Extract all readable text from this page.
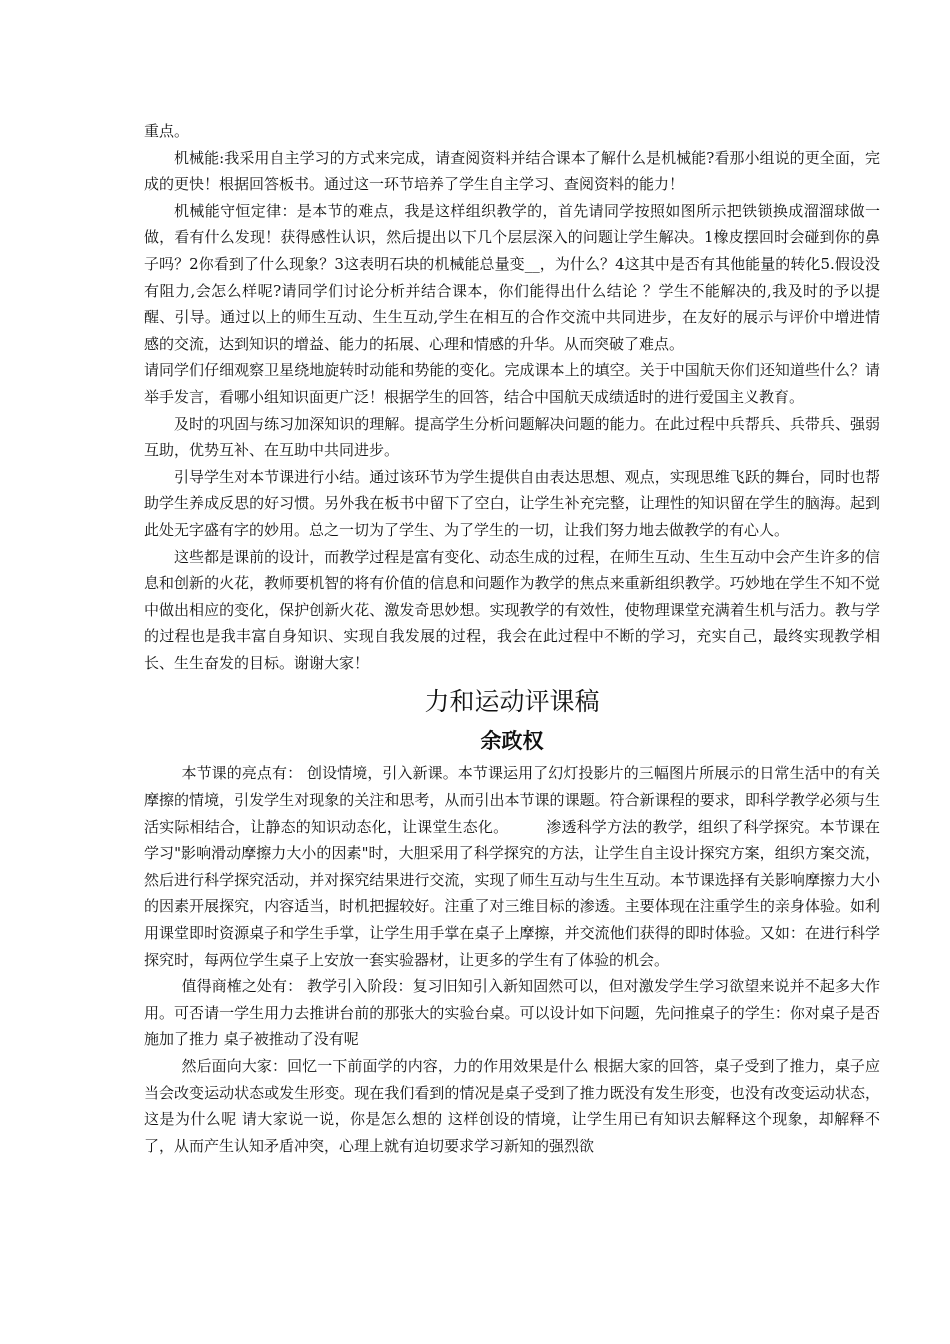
重点。

机械能:我采用自主学习的方式来完成，请查阅资料并结合课本了解什么是机械能?看那小组说的更全面，完成的更快！根据回答板书。通过这一环节培养了学生自主学习、查阅资料的能力！

机械能守恒定律：是本节的难点，我是这样组织教学的，首先请同学按照如图所示把铁锁换成溜溜球做一做，看有什么发现！获得感性认识，然后提出以下几个层层深入的问题让学生解决。1橡皮摆回时会碰到你的鼻子吗？2你看到了什么现象？3这表明石块的机械能总量变__，为什么？4这其中是否有其他能量的转化5.假设没有阻力,会怎么样呢?请同学们讨论分析并结合课本，你们能得出什么结论 ？学生不能解决的,我及时的予以提醒、引导。通过以上的师生互动、生生互动,学生在相互的合作交流中共同进步，在友好的展示与评价中增进情感的交流，达到知识的增益、能力的拓展、心理和情感的升华。从而突破了难点。

请同学们仔细观察卫星绕地旋转时动能和势能的变化。完成课本上的填空。关于中国航天你们还知道些什么？请举手发言，看哪小组知识面更广泛！根据学生的回答，结合中国航天成绩适时的进行爱国主义教育。

及时的巩固与练习加深知识的理解。提高学生分析问题解决问题的能力。在此过程中兵帮兵、兵带兵、强弱互助，优势互补、在互助中共同进步。

引导学生对本节课进行小结。通过该环节为学生提供自由表达思想、观点，实现思维飞跃的舞台，同时也帮助学生养成反思的好习惯。另外我在板书中留下了空白，让学生补充完整，让理性的知识留在学生的脑海。起到此处无字盛有字的妙用。总之一切为了学生、为了学生的一切，让我们努力地去做教学的有心人。

这些都是课前的设计，而教学过程是富有变化、动态生成的过程，在师生互动、生生互动中会产生许多的信息和创新的火花，教师要机智的将有价值的信息和问题作为教学的焦点来重新组织教学。巧妙地在学生不知不觉中做出相应的变化，保护创新火花、激发奇思妙想。实现教学的有效性，使物理课堂充满着生机与活力。教与学的过程也是我丰富自身知识、实现自我发展的过程，我会在此过程中不断的学习，充实自己，最终实现教学相长、生生奋发的目标。谢谢大家！

力和运动评课稿

余政权

本节课的亮点有： 创设情境，引入新课。本节课运用了幻灯投影片的三幅图片所展示的日常生活中的有关摩擦的情境，引发学生对现象的关注和思考，从而引出本节课的课题。符合新课程的要求，即科学教学必须与生活实际相结合，让静态的知识动态化，让课堂生态化。　　　渗透科学方法的教学，组织了科学探究。本节课在学习"影响滑动摩擦力大小的因素"时，大胆采用了科学探究的方法，让学生自主设计探究方案，组织方案交流，然后进行科学探究活动，并对探究结果进行交流，实现了师生互动与生生互动。本节课选择有关影响摩擦力大小的因素开展探究，内容适当，时机把握较好。注重了对三维目标的渗透。主要体现在注重学生的亲身体验。如利用课堂即时资源桌子和学生手掌，让学生用手掌在桌子上摩擦，并交流他们获得的即时体验。又如：在进行科学探究时，每两位学生桌子上安放一套实验器材，让更多的学生有了体验的机会。

值得商榷之处有： 教学引入阶段：复习旧知引入新知固然可以，但对激发学生学习欲望来说并不起多大作用。可否请一学生用力去推讲台前的那张大的实验台桌。可以设计如下问题，先问推桌子的学生：你对桌子是否施加了推力 桌子被推动了没有呢

然后面向大家：回忆一下前面学的内容，力的作用效果是什么 根据大家的回答，桌子受到了推力，桌子应当会改变运动状态或发生形变。现在我们看到的情况是桌子受到了推力既没有发生形变，也没有改变运动状态，这是为什么呢 请大家说一说，你是怎么想的 这样创设的情境，让学生用已有知识去解释这个现象，却解释不了，从而产生认知矛盾冲突，心理上就有迫切要求学习新知的强烈欲
